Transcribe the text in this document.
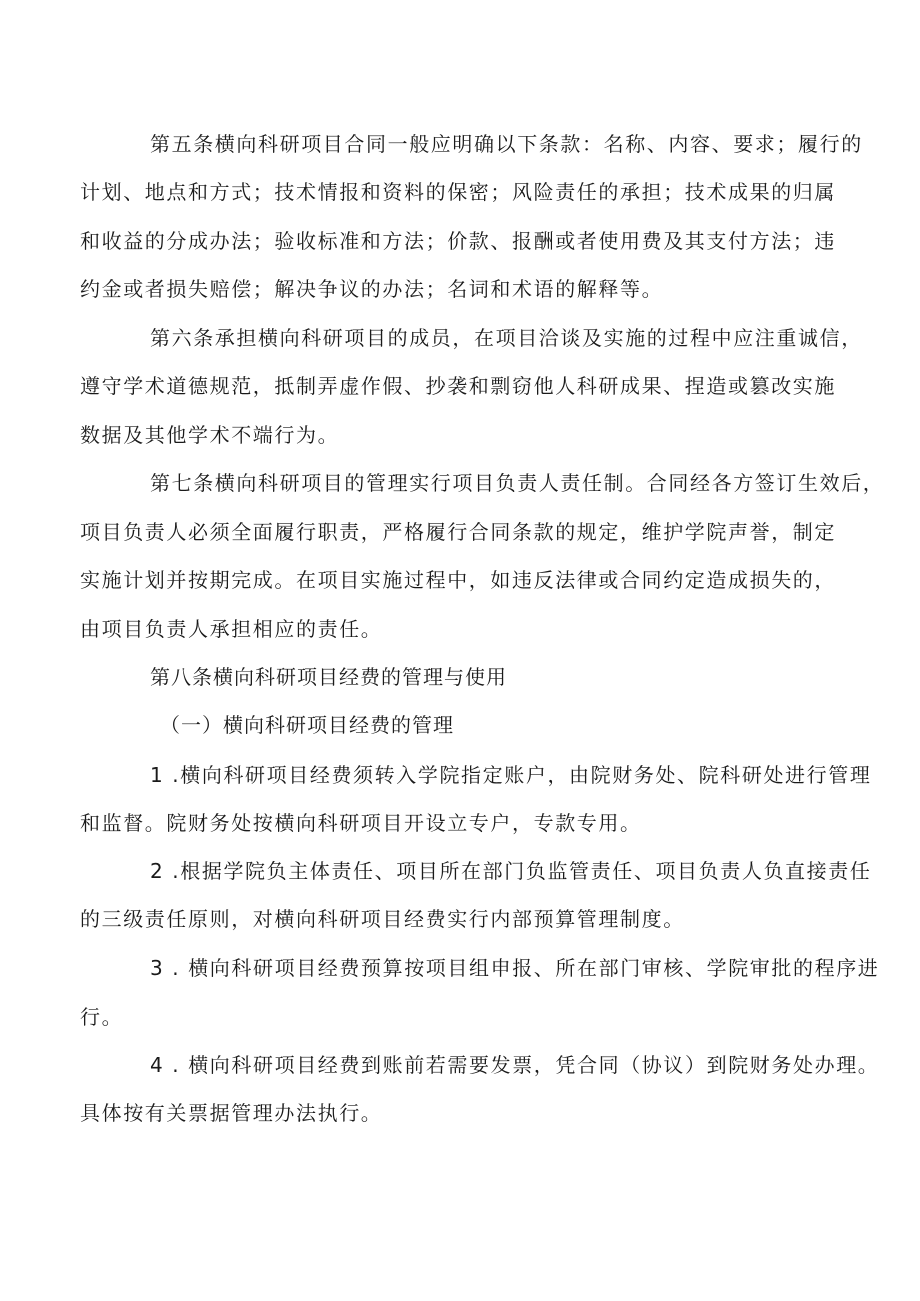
第五条横向科研项目合同一般应明确以下条款：名称、内容、要求；履行的
计划、地点和方式；技术情报和资料的保密；风险责任的承担；技术成果的归属
和收益的分成办法；验收标准和方法；价款、报酬或者使用费及其支付方法；违
约金或者损失赔偿；解决争议的办法；名词和术语的解释等。
第六条承担横向科研项目的成员，在项目洽谈及实施的过程中应注重诚信，
遵守学术道德规范，抵制弄虚作假、抄袭和剽窃他人科研成果、捏造或篡改实施
数据及其他学术不端行为。
第七条横向科研项目的管理实行项目负责人责任制。合同经各方签订生效后，
项目负责人必须全面履行职责，严格履行合同条款的规定，维护学院声誉，制定
实施计划并按期完成。在项目实施过程中，如违反法律或合同约定造成损失的，
由项目负责人承担相应的责任。
第八条横向科研项目经费的管理与使用
（一）横向科研项目经费的管理
1 .横向科研项目经费须转入学院指定账户，由院财务处、院科研处进行管理
和监督。院财务处按横向科研项目开设立专户，专款专用。
2 .根据学院负主体责任、项目所在部门负监管责任、项目负责人负直接责任
的三级责任原则，对横向科研项目经费实行内部预算管理制度。
3 . 横向科研项目经费预算按项目组申报、所在部门审核、学院审批的程序进
行。
4 . 横向科研项目经费到账前若需要发票，凭合同（协议）到院财务处办理。
具体按有关票据管理办法执行。
